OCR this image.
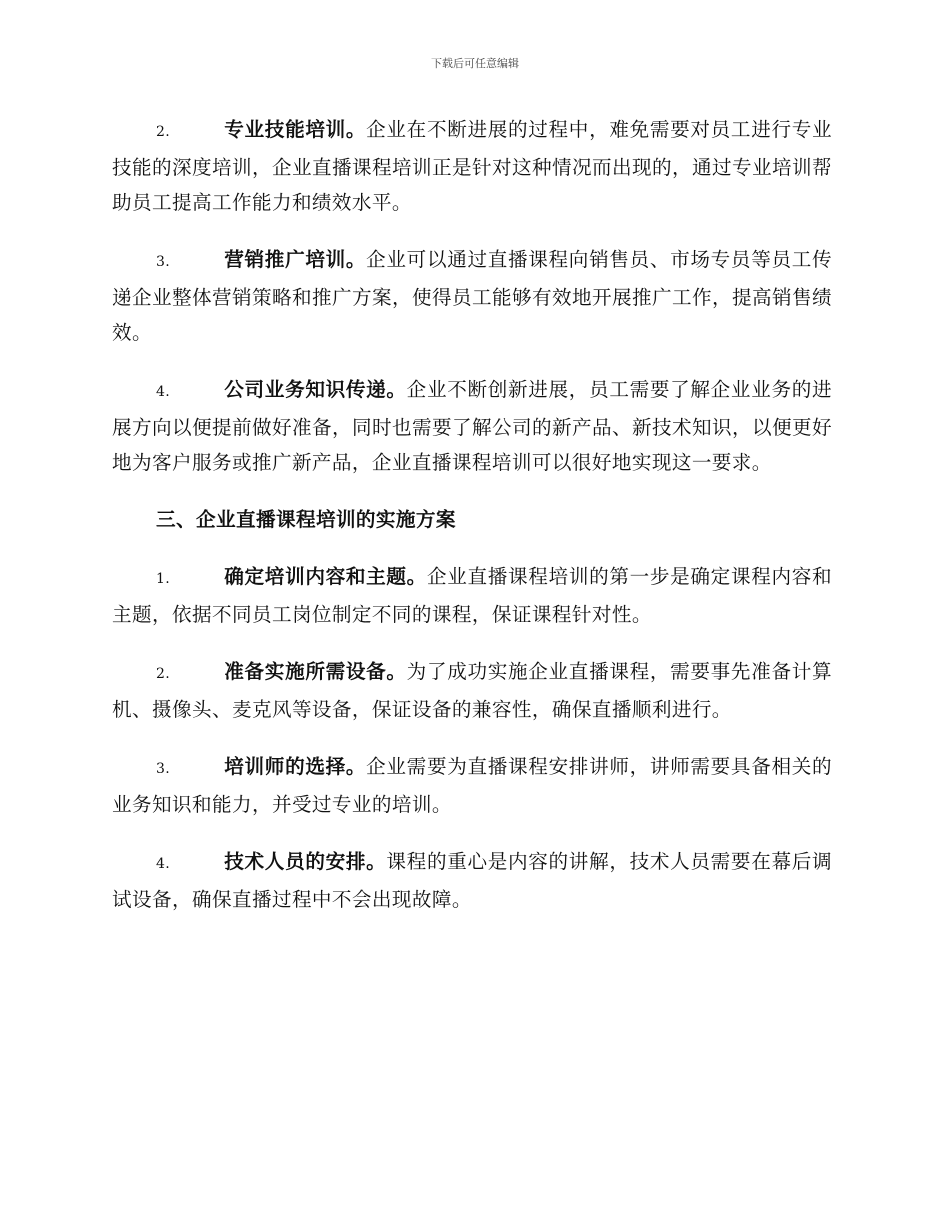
下载后可任意编辑

2.	专业技能培训。企业在不断进展的过程中，难免需要对员工进行专业技能的深度培训，企业直播课程培训正是针对这种情况而出现的，通过专业培训帮助员工提高工作能力和绩效水平。

3.	营销推广培训。企业可以通过直播课程向销售员、市场专员等员工传递企业整体营销策略和推广方案，使得员工能够有效地开展推广工作，提高销售绩效。

4.	公司业务知识传递。企业不断创新进展，员工需要了解企业业务的进展方向以便提前做好准备，同时也需要了解公司的新产品、新技术知识，以便更好地为客户服务或推广新产品，企业直播课程培训可以很好地实现这一要求。

三、企业直播课程培训的实施方案

1.	确定培训内容和主题。企业直播课程培训的第一步是确定课程内容和主题，依据不同员工岗位制定不同的课程，保证课程针对性。

2.	准备实施所需设备。为了成功实施企业直播课程，需要事先准备计算机、摄像头、麦克风等设备，保证设备的兼容性，确保直播顺利进行。

3.	培训师的选择。企业需要为直播课程安排讲师，讲师需要具备相关的业务知识和能力，并受过专业的培训。

4.	技术人员的安排。课程的重心是内容的讲解，技术人员需要在幕后调试设备，确保直播过程中不会出现故障。
